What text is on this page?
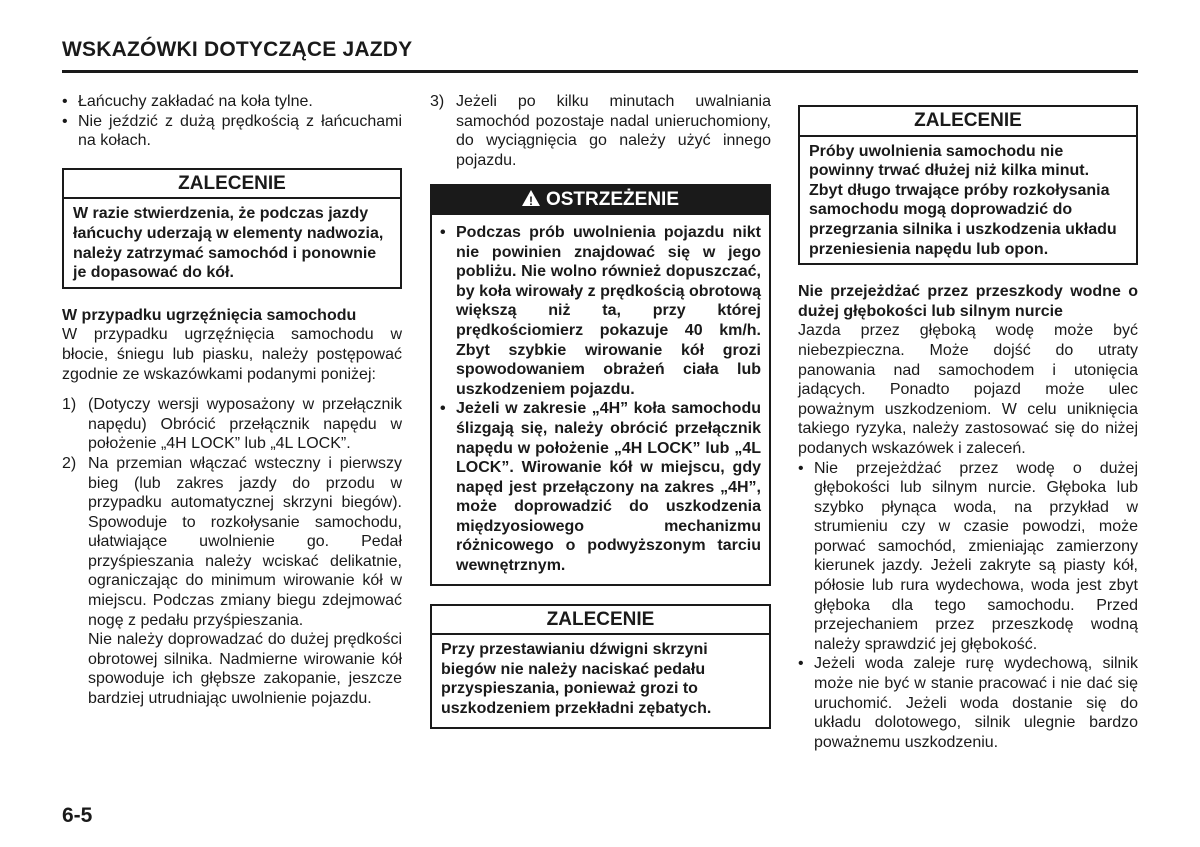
WSKAZÓWKI DOTYCZĄCE JAZDY
• Łańcuchy zakładać na koła tylne.
• Nie jeździć z dużą prędkością z łańcuchami na kołach.
ZALECENIE
W razie stwierdzenia, że podczas jazdy łańcuchy uderzają w elementy nadwozia, należy zatrzymać samochód i ponownie je dopasować do kół.

W przypadku ugrzęźnięcia samochodu

W przypadku ugrzęźnięcia samochodu w błocie, śniegu lub piasku, należy postępować zgodnie ze wskazówkami podanymi poniżej:

1) (Dotyczy wersji wyposażony w przełącznik napędu) Obrócić przełącznik napędu w położenie „4H LOCK” lub „4L LOCK”.
2) Na przemian włączać wsteczny i pierwszy bieg (lub zakres jazdy do przodu w przypadku automatycznej skrzyni biegów). Spowoduje to rozkołysanie samochodu, ułatwiające uwolnienie go. Pedał przyśpieszania należy wciskać delikatnie, ograniczając do minimum wirowanie kół w miejscu. Podczas zmiany biegu zdejmować nogę z pedału przyśpieszania.

Nie należy doprowadzać do dużej prędkości obrotowej silnika. Nadmierne wirowanie kół spowoduje ich głębsze zakopanie, jeszcze bardziej utrudniając uwolnienie pojazdu.

3) Jeżeli po kilku minutach uwalniania samochód pozostaje nadal unieruchomiony, do wyciągnięcia go należy użyć innego pojazdu.
! OSTRZEŻENIE
• Podczas prób uwolnienia pojazdu nikt nie powinien znajdować się w jego pobliżu. Nie wolno również dopuszczać, by koła wirowały z prędkością obrotową większą niż ta, przy której prędkościomierz pokazuje 40 km/h. Zbyt szybkie wirowanie kół grozi spowodowaniem obrażeń ciała lub uszkodzeniem pojazdu.
• Jeżeli w zakresie „4H” koła samochodu ślizgają się, należy obrócić przełącznik napędu w położenie „4H LOCK” lub „4L LOCK”. Wirowanie kół w miejscu, gdy napęd jest przełączony na zakres „4H”, może doprowadzić do uszkodzenia międzyosiowego mechanizmu różnicowego o podwyższonym tarciu wewnętrznym.
ZALECENIE
Przy przestawianiu dźwigni skrzyni biegów nie należy naciskać pedału przyspieszania, ponieważ grozi to uszkodzeniem przekładni zębatych.
ZALECENIE
Próby uwolnienia samochodu nie powinny trwać dłużej niż kilka minut. Zbyt długo trwające próby rozkołysania samochodu mogą doprowadzić do przegrzania silnika i uszkodzenia układu przeniesienia napędu lub opon.

Nie przejeżdżać przez przeszkody wodne o dużej głębokości lub silnym nurcie

Jazda przez głęboką wodę może być niebezpieczna. Może dojść do utraty panowania nad samochodem i utonięcia jadących. Ponadto pojazd może ulec poważnym uszkodzeniom. W celu uniknięcia takiego ryzyka, należy zastosować się do niżej podanych wskazówek i zaleceń.

• Nie przejeżdżać przez wodę o dużej głębokości lub silnym nurcie. Głęboka lub szybko płynąca woda, na przykład w strumieniu czy w czasie powodzi, może porwać samochód, zmieniając zamierzony kierunek jazdy. Jeżeli zakryte są piasty kół, półosie lub rura wydechowa, woda jest zbyt głęboka dla tego samochodu. Przed przejechaniem przez przeszkodę wodną należy sprawdzić jej głębokość.
• Jeżeli woda zaleje rurę wydechową, silnik może nie być w stanie pracować i nie dać się uruchomić. Jeżeli woda dostanie się do układu dolotowego, silnik ulegnie bardzo poważnemu uszkodzeniu.
6-5
